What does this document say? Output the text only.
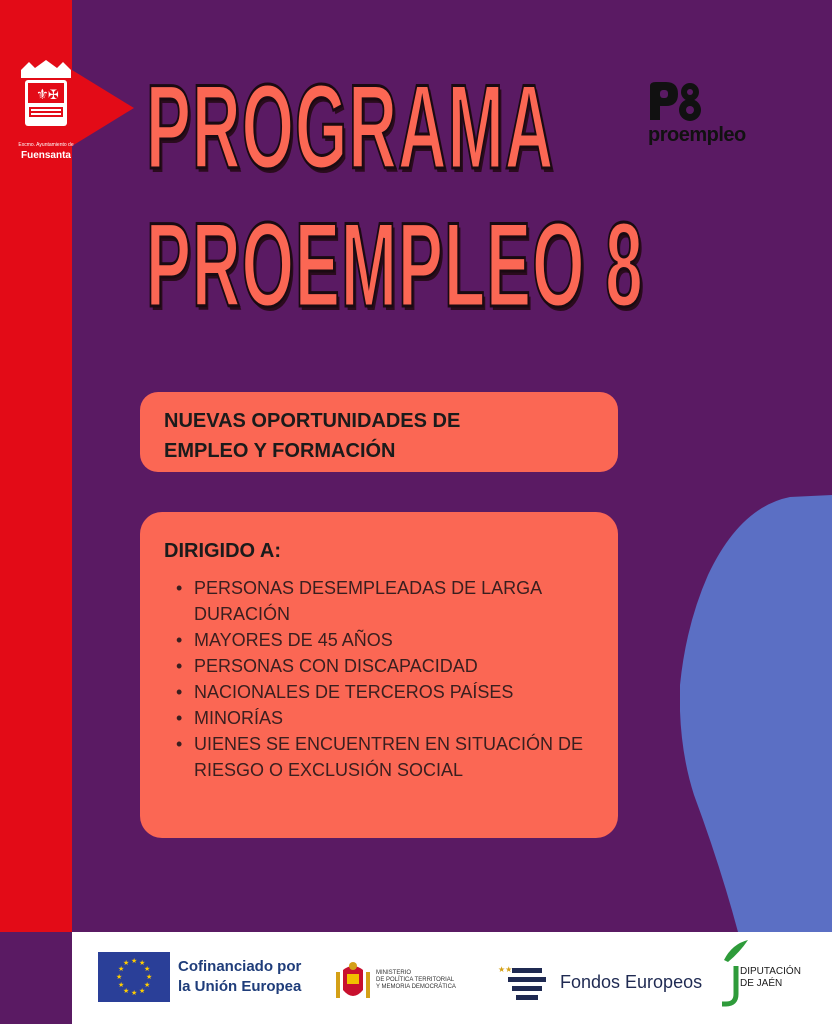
⚜ ✠
Excmo. Ayuntamiento de
Fuensanta PROGRAMA
PROEMPLEO 8
proempleo
NUEVAS OPORTUNIDADES DE
EMPLEO Y FORMACIÓN
DIRIGIDO A:
• PERSONAS DESEMPLEADAS DE LARGA DURACIÓN
• MAYORES DE 45 AÑOS
• PERSONAS CON DISCAPACIDAD
• NACIONALES DE TERCEROS PAÍSES
• MINORÍAS
• UIENES SE ENCUENTREN EN SITUACIÓN DE RIESGO O EXCLUSIÓN SOCIAL
★ ★
★
★
★
★
★
★
★
★
★
★	Cofinanciado por
la Unión Europea
MINISTERIO
DE POLÍTICA TERRITORIAL
Y MEMORIA DEMOCRÁTICA
★★
Fondos Europeos
DIPUTACIÓN
DE JAÉN
